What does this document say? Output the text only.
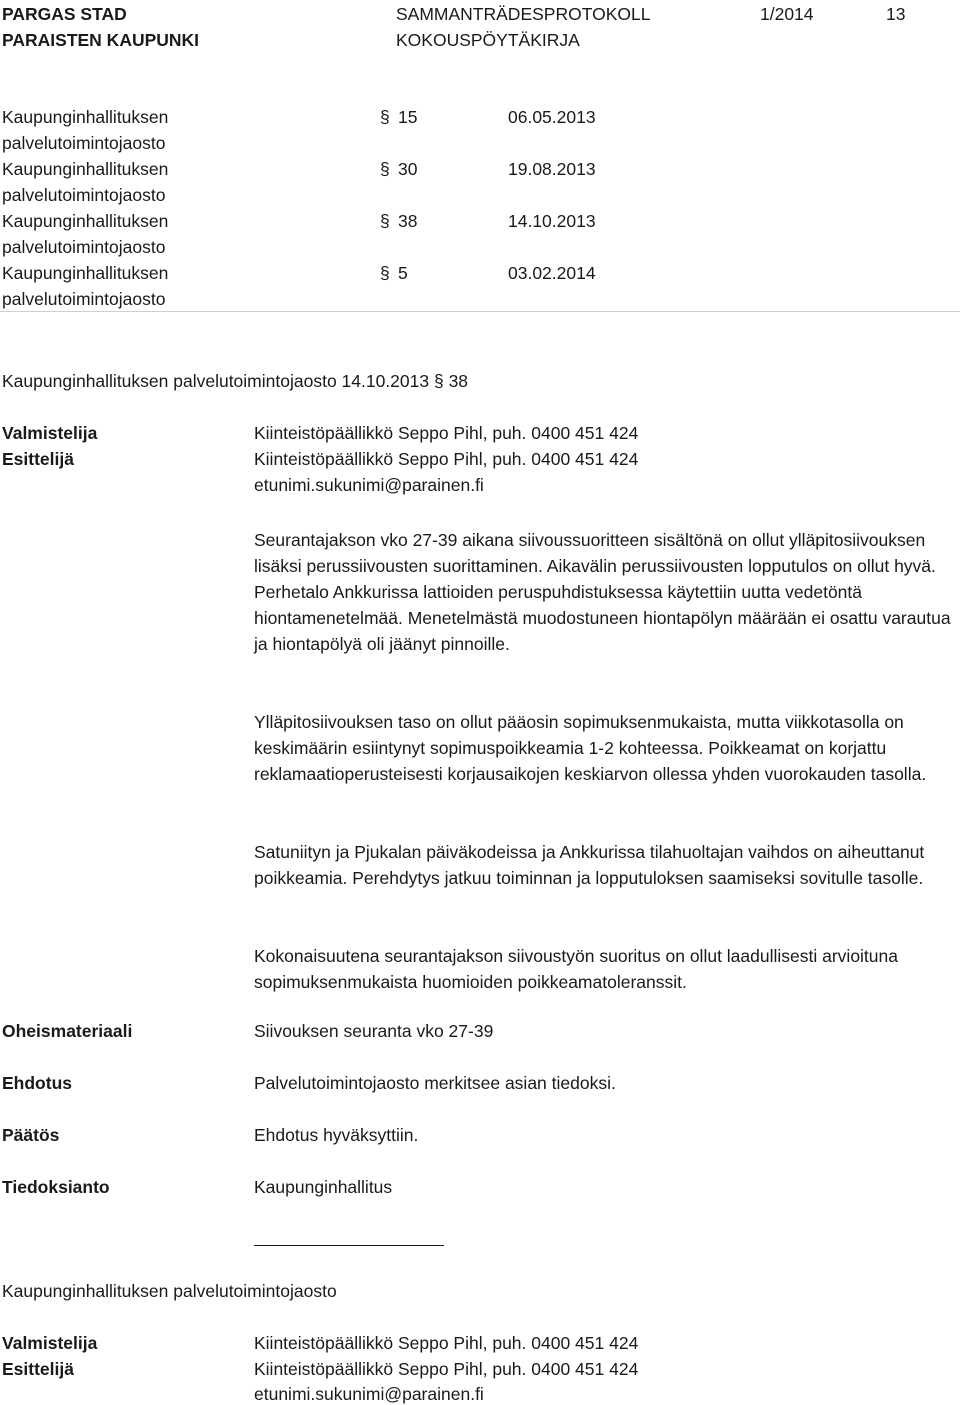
PARGAS STAD
PARAISTEN KAUPUNKI
SAMMANTRÄDESPROTOKOLL
KOKOUSPÖYTÄKIRJA
1/2014	13
Kaupunginhallituksen
palvelutoimintojaosto
§ 15	06.05.2013
Kaupunginhallituksen
palvelutoimintojaosto
§ 30	19.08.2013
Kaupunginhallituksen
palvelutoimintojaosto
§ 38	14.10.2013
Kaupunginhallituksen
palvelutoimintojaosto
§ 5	03.02.2014
Kaupunginhallituksen palvelutoimintojaosto 14.10.2013 § 38
Valmistelija	Kiinteistöpäällikkö Seppo Pihl, puh. 0400 451 424
Esittelijä	Kiinteistöpäällikkö Seppo Pihl, puh. 0400 451 424
etunimi.sukunimi@parainen.fi
Seurantajakson vko 27-39 aikana siivoussuoritteen sisältönä on ollut ylläpitosiivouksen lisäksi perussiivousten suorittaminen. Aikavälin perussiivousten lopputulos on ollut hyvä. Perhetalo Ankkurissa lattioiden peruspuhdistuksessa käytettiin uutta vedetöntä hiontamenetelmää. Menetelmästä muodostuneen hiontapölyn määrään ei osattu varautua ja hiontapölyä oli jäänyt pinnoille.
Ylläpitosiivouksen taso on ollut pääosin sopimuksenmukaista, mutta viikkotasolla on keskimäärin esiintynyt sopimuspoikkeamia 1-2 kohteessa. Poikkeamat on korjattu reklamaatioperusteisesti korjausaikojen keskiarvon ollessa yhden vuorokauden tasolla.
Satuniityn ja Pjukalan päiväkodeissa ja Ankkurissa tilahuoltajan vaihdos on aiheuttanut poikkeamia. Perehdytys jatkuu toiminnan ja lopputuloksen saamiseksi sovitulle tasolle.
Kokonaisuutena seurantajakson siivoustyön suoritus on ollut laadullisesti arvioituna sopimuksenmukaista huomioiden poikkeamatoleranssit.
Oheismateriaali	Siivouksen seuranta vko 27-39
Ehdotus	Palvelutoimintojaosto merkitsee asian tiedoksi.
Päätös	Ehdotus hyväksyttiin.
Tiedoksianto	Kaupunginhallitus
Kaupunginhallituksen palvelutoimintojaosto
Valmistelija	Kiinteistöpäällikkö Seppo Pihl, puh. 0400 451 424
Esittelijä	Kiinteistöpäällikkö Seppo Pihl, puh. 0400 451 424
etunimi.sukunimi@parainen.fi
